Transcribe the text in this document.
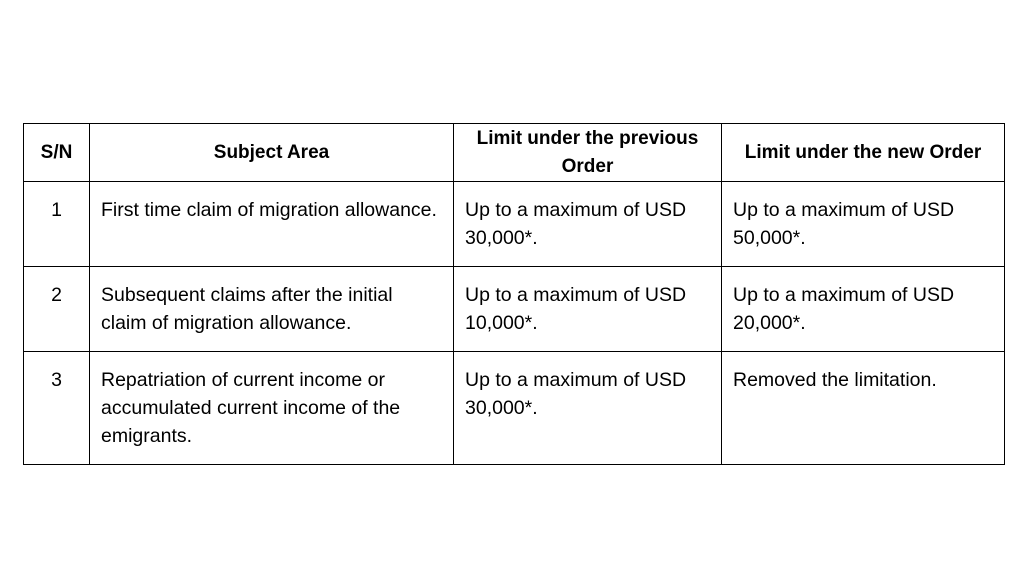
S/N	Subject Area	Limit under the previous Order	Limit under the new Order
1	First time claim of migration allowance.	Up to a maximum of USD 30,000*.	Up to a maximum of USD 50,000*.
2	Subsequent claims after the initial claim of migration allowance.	Up to a maximum of USD 10,000*.	Up to a maximum of USD 20,000*.
3	Repatriation of current income or accumulated current income of the emigrants.	Up to a maximum of USD 30,000*.	Removed the limitation.
